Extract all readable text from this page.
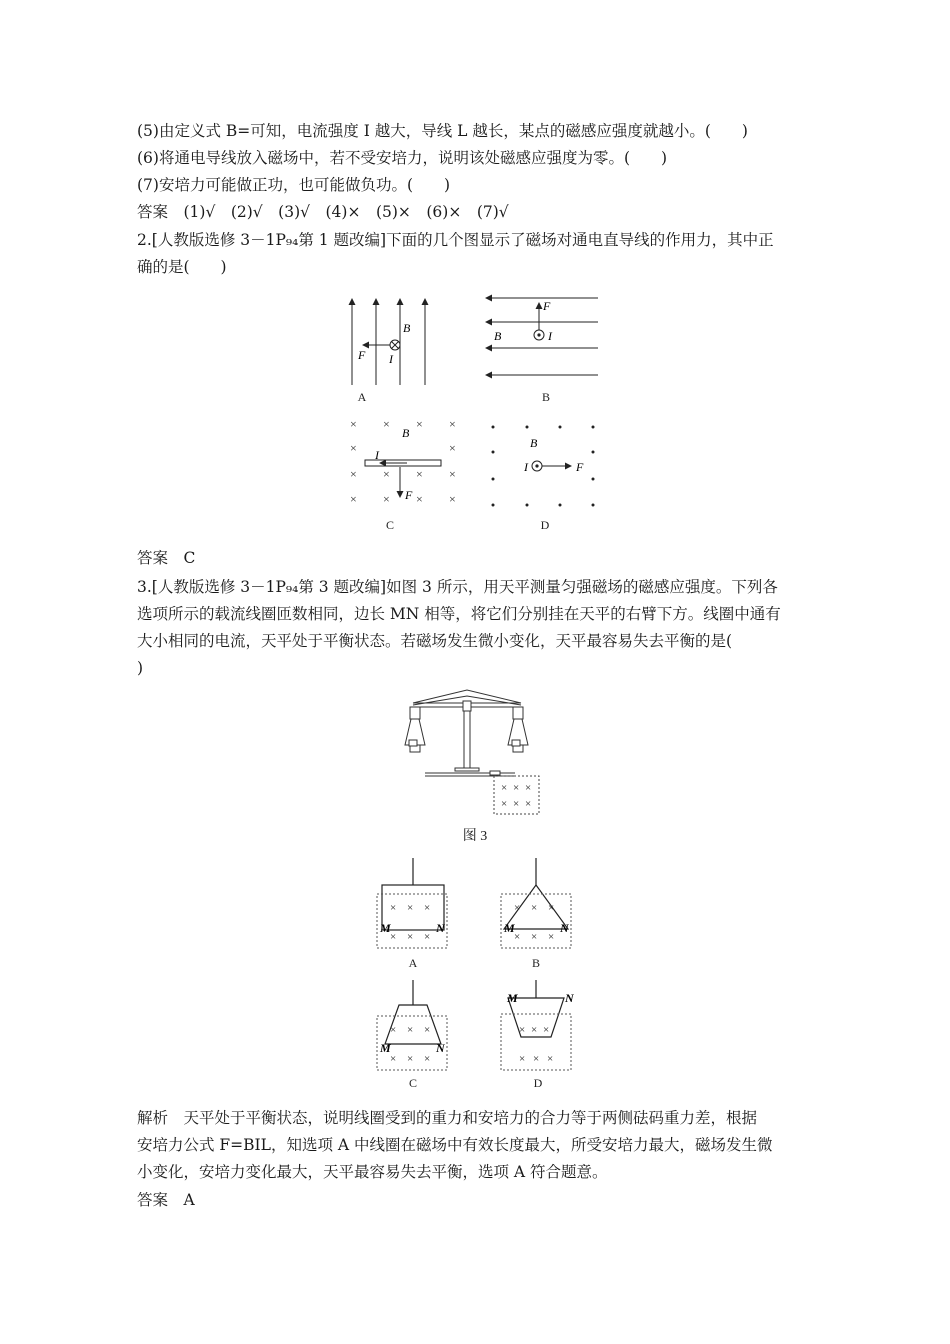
(5)由定义式 B=可知，电流强度 I 越大，导线 L 越长，某点的磁感应强度就越小。(　　)
(6)将通电导线放入磁场中，若不受安培力，说明该处磁感应强度为零。(　　)
(7)安培力可能做正功，也可能做负功。(　　)
答案　(1)√　(2)√　(3)√　(4)×　(5)×　(6)×　(7)√
2.[人教版选修 3－1P₉₄第 1 题改编]下面的几个图显示了磁场对通电直导线的作用力，其中正
确的是(　　)
B
F I
A
F
B	I
B
× × × ×
×	×
× × × ×
× × × ×
B
I
F
C
B
I	F
D
答案　C
3.[人教版选修 3－1P₉₄第 3 题改编]如图 3 所示，用天平测量匀强磁场的磁感应强度。下列各
选项所示的载流线圈匝数相同，边长 MN 相等，将它们分别挂在天平的右臂下方。线圈中通有
大小相同的电流，天平处于平衡状态。若磁场发生微小变化，天平最容易失去平衡的是(
)
× × ×
× × ×
图 3
× × ×
× × ×
M	N
A
× × ×
× × ×
M	N
B
× × ×
× × ×
M	N
C
× × ×
× × ×
M	N
D
解析　天平处于平衡状态，说明线圈受到的重力和安培力的合力等于两侧砝码重力差，根据
安培力公式 F=BIL，知选项 A 中线圈在磁场中有效长度最大，所受安培力最大，磁场发生微
小变化，安培力变化最大，天平最容易失去平衡，选项 A 符合题意。
答案　A
